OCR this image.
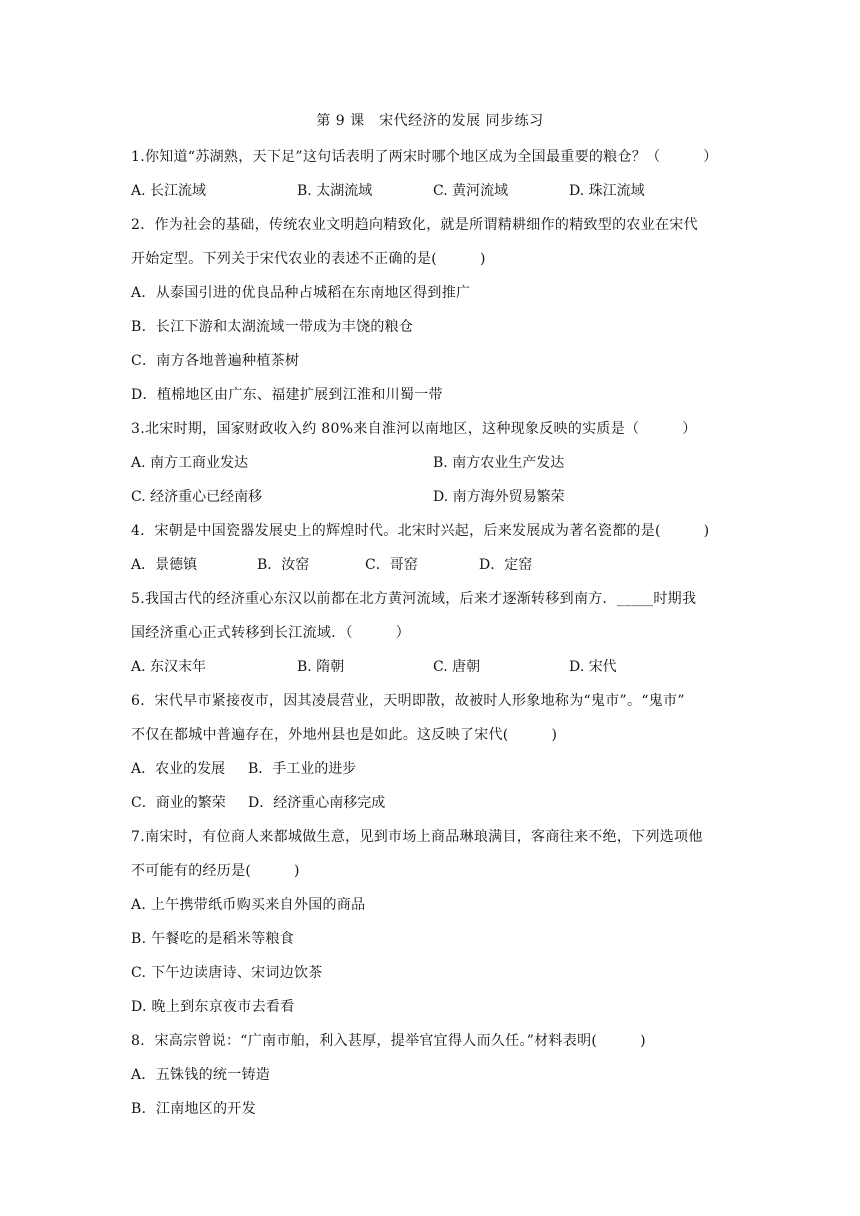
第 9 课　宋代经济的发展 同步练习
1.你知道“苏湖熟，天下足”这句话表明了两宋时哪个地区成为全国最重要的粮仓？（　　　）
A. 长江流域	B. 太湖流域	C. 黄河流域	D. 珠江流域
2．作为社会的基础，传统农业文明趋向精致化，就是所谓精耕细作的精致型的农业在宋代
开始定型。下列关于宋代农业的表述不正确的是(　　　)
A．从泰国引进的优良品种占城稻在东南地区得到推广
B．长江下游和太湖流域一带成为丰饶的粮仓
C．南方各地普遍种植茶树
D．植棉地区由广东、福建扩展到江淮和川蜀一带
3.北宋时期，国家财政收入约 80%来自淮河以南地区，这种现象反映的实质是（　　　）
A. 南方工商业发达	B. 南方农业生产发达
C. 经济重心已经南移	D. 南方海外贸易繁荣
4．宋朝是中国瓷器发展史上的辉煌时代。北宋时兴起，后来发展成为著名瓷都的是(　　　)
A．景德镇	B．汝窑	C．哥窑	D．定窑
5.我国古代的经济重心东汉以前都在北方黄河流域，后来才逐渐转移到南方．_____时期我
国经济重心正式转移到长江流域．（　　　）
A. 东汉末年	B. 隋朝	C. 唐朝	D. 宋代
6．宋代早市紧接夜市，因其凌晨营业，天明即散，故被时人形象地称为“鬼市”。“鬼市”
不仅在都城中普遍存在，外地州县也是如此。这反映了宋代(　　　)
A．农业的发展 B．手工业的进步
C．商业的繁荣 D．经济重心南移完成
7.南宋时，有位商人来都城做生意，见到市场上商品琳琅满目，客商往来不绝，下列选项他
不可能有的经历是(　　　)
A. 上午携带纸币购买来自外国的商品
B. 午餐吃的是稻米等粮食
C. 下午边读唐诗、宋词边饮茶
D. 晚上到东京夜市去看看
8．宋高宗曾说：“广南市舶，利入甚厚，提举官宜得人而久任。”材料表明(　　　)
A．五铢钱的统一铸造
B．江南地区的开发
